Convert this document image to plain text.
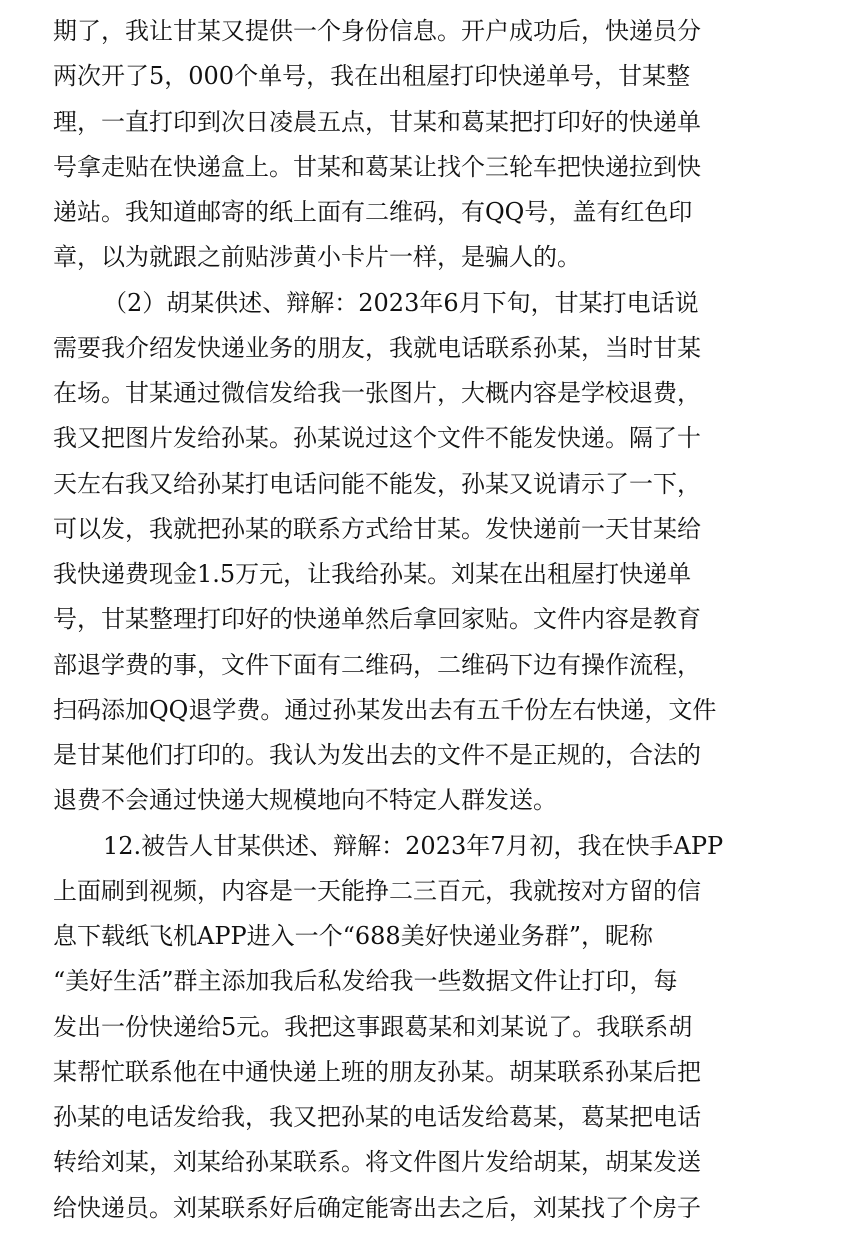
期了，我让甘某又提供一个身份信息。开户成功后，快递员分
两次开了5，000个单号，我在出租屋打印快递单号，甘某整
理，一直打印到次日凌晨五点，甘某和葛某把打印好的快递单
号拿走贴在快递盒上。甘某和葛某让找个三轮车把快递拉到快
递站。我知道邮寄的纸上面有二维码，有QQ号，盖有红色印
章，以为就跟之前贴涉黄小卡片一样，是骗人的。
（2）胡某供述、辩解：2023年6月下旬，甘某打电话说
需要我介绍发快递业务的朋友，我就电话联系孙某，当时甘某
在场。甘某通过微信发给我一张图片，大概内容是学校退费，
我又把图片发给孙某。孙某说过这个文件不能发快递。隔了十
天左右我又给孙某打电话问能不能发，孙某又说请示了一下，
可以发，我就把孙某的联系方式给甘某。发快递前一天甘某给
我快递费现金1.5万元，让我给孙某。刘某在出租屋打快递单
号，甘某整理打印好的快递单然后拿回家贴。文件内容是教育
部退学费的事，文件下面有二维码，二维码下边有操作流程，
扫码添加QQ退学费。通过孙某发出去有五千份左右快递，文件
是甘某他们打印的。我认为发出去的文件不是正规的，合法的
退费不会通过快递大规模地向不特定人群发送。
12.被告人甘某供述、辩解：2023年7月初，我在快手APP
上面刷到视频，内容是一天能挣二三百元，我就按对方留的信
息下载纸飞机APP进入一个“688美好快递业务群”，昵称
“美好生活”群主添加我后私发给我一些数据文件让打印，每
发出一份快递给5元。我把这事跟葛某和刘某说了。我联系胡
某帮忙联系他在中通快递上班的朋友孙某。胡某联系孙某后把
孙某的电话发给我，我又把孙某的电话发给葛某，葛某把电话
转给刘某，刘某给孙某联系。将文件图片发给胡某，胡某发送
给快递员。刘某联系好后确定能寄出去之后，刘某找了个房子
